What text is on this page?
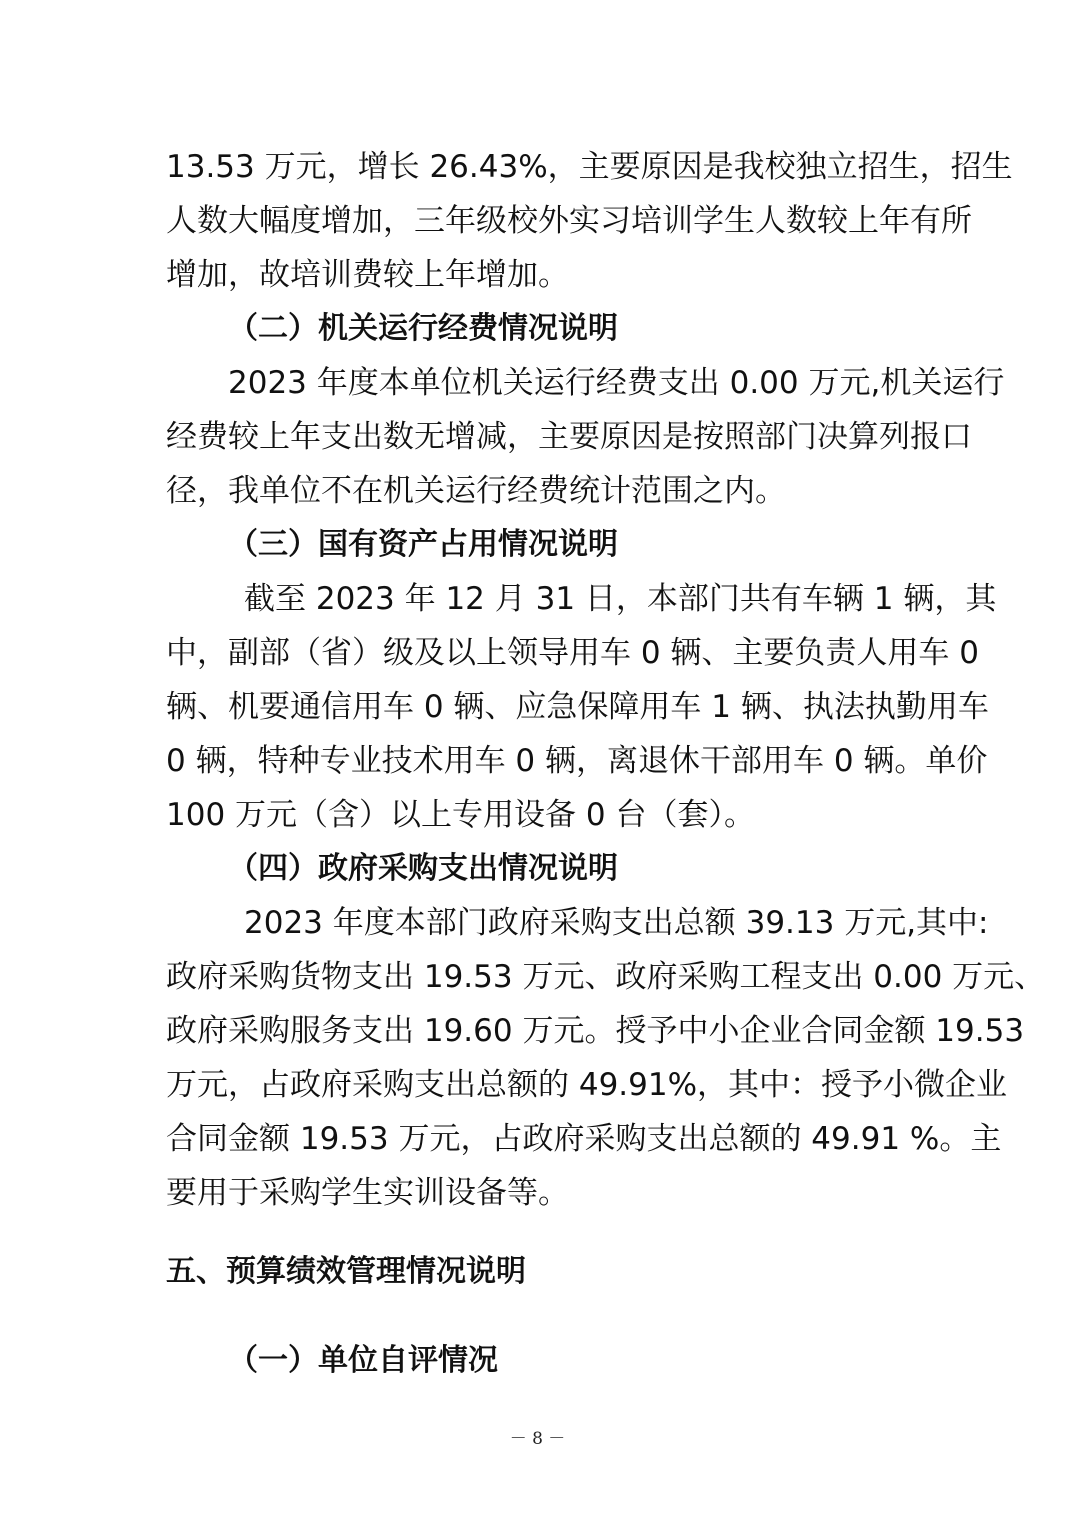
13.53 万元，增长 26.43%，主要原因是我校独立招生，招生
人数大幅度增加，三年级校外实习培训学生人数较上年有所
增加，故培训费较上年增加。
（二）机关运行经费情况说明
2023 年度本单位机关运行经费支出 0.00 万元,机关运行
经费较上年支出数无增减，主要原因是按照部门决算列报口
径，我单位不在机关运行经费统计范围之内。
（三）国有资产占用情况说明
截至 2023 年 12 月 31 日，本部门共有车辆 1 辆，其
中，副部（省）级及以上领导用车 0 辆、主要负责人用车 0
辆、机要通信用车 0 辆、应急保障用车 1 辆、执法执勤用车
0 辆，特种专业技术用车 0 辆，离退休干部用车 0 辆。单价
100 万元（含）以上专用设备 0 台（套）。
（四）政府采购支出情况说明
2023 年度本部门政府采购支出总额 39.13 万元,其中:
政府采购货物支出 19.53 万元、政府采购工程支出 0.00 万元、
政府采购服务支出 19.60 万元。授予中小企业合同金额 19.53
万元，占政府采购支出总额的 49.91%，其中：授予小微企业
合同金额 19.53 万元，占政府采购支出总额的 49.91 %。主
要用于采购学生实训设备等。
五、预算绩效管理情况说明
（一）单位自评情况
－ 8 －
